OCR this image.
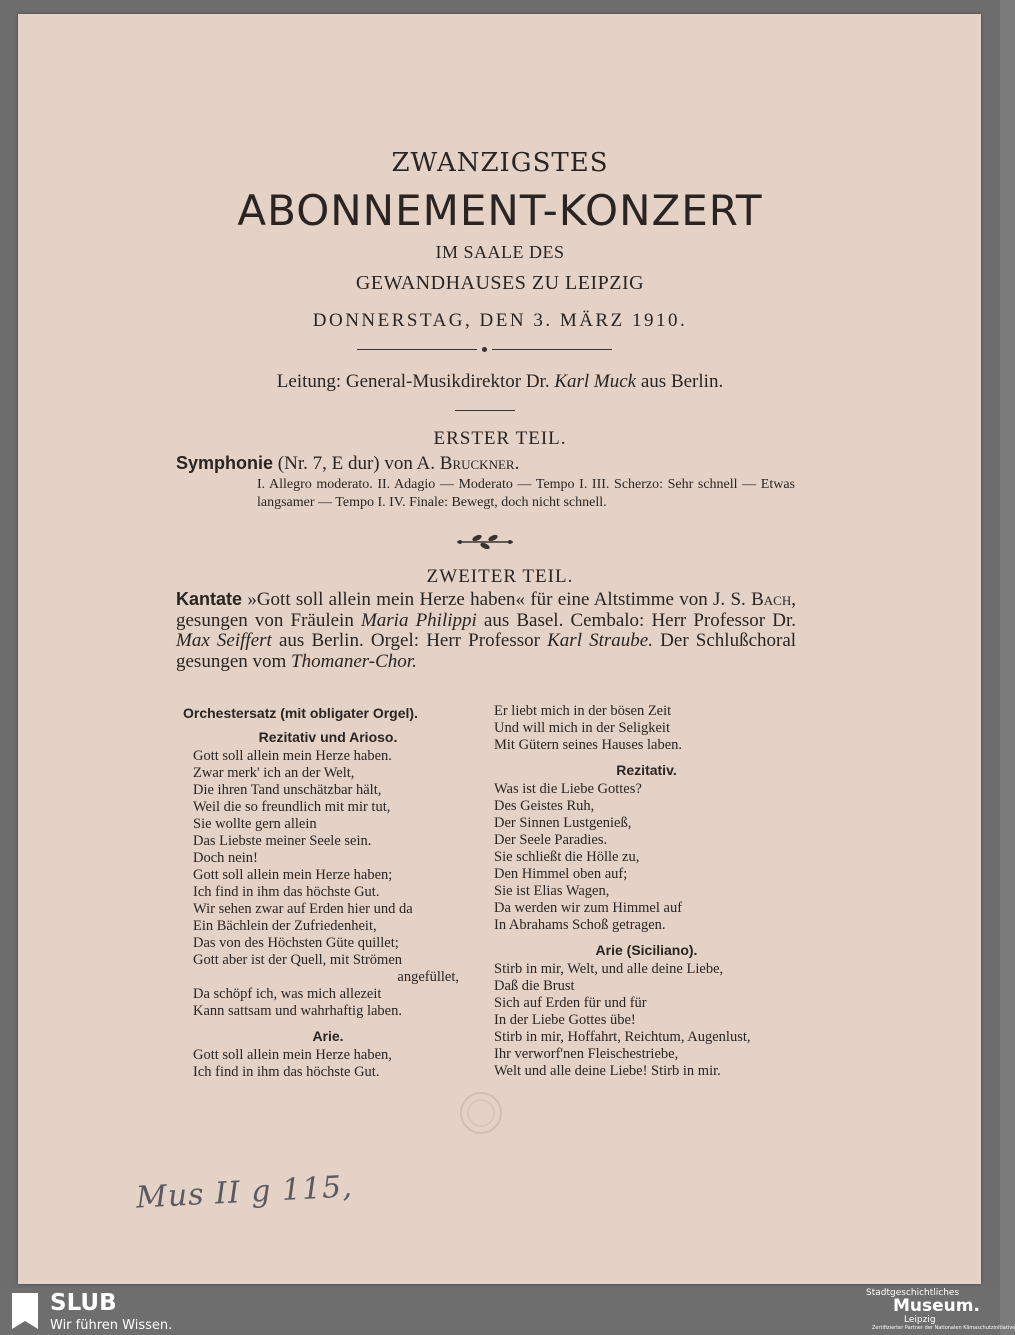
ZWANZIGSTES
ABONNEMENT-KONZERT
IM SAALE DES
GEWANDHAUSES ZU LEIPZIG
DONNERSTAG, DEN 3. MÄRZ 1910.
Leitung: General-Musikdirektor Dr. Karl Muck aus Berlin.
ERSTER TEIL.
Symphonie (Nr. 7, E dur) von A. Bruckner.
I. Allegro moderato. II. Adagio — Moderato — Tempo I. III. Scherzo: Sehr schnell — Etwas langsamer — Tempo I. IV. Finale: Bewegt, doch nicht schnell.
ZWEITER TEIL.
Kantate »Gott soll allein mein Herze haben« für eine Altstimme von J. S. Bach, gesungen von Fräulein Maria Philippi aus Basel. Cembalo: Herr Professor Dr. Max Seiffert aus Berlin. Orgel: Herr Professor Karl Straube. Der Schlußchoral gesungen vom Thomaner-Chor.
Orchestersatz (mit obligater Orgel).
Rezitativ und Arioso.
Gott soll allein mein Herze haben.
Zwar merk' ich an der Welt,
Die ihren Tand unschätzbar hält,
Weil die so freundlich mit mir tut,
Sie wollte gern allein
Das Liebste meiner Seele sein.
Doch nein!
Gott soll allein mein Herze haben;
Ich find in ihm das höchste Gut.
Wir sehen zwar auf Erden hier und da
Ein Bächlein der Zufriedenheit,
Das von des Höchsten Güte quillet;
Gott aber ist der Quell, mit Strömen
angefüllet,
Da schöpf ich, was mich allezeit
Kann sattsam und wahrhaftig laben.
Arie.
Gott soll allein mein Herze haben,
Ich find in ihm das höchste Gut.
Er liebt mich in der bösen Zeit
Und will mich in der Seligkeit
Mit Gütern seines Hauses laben.
Rezitativ.
Was ist die Liebe Gottes?
Des Geistes Ruh,
Der Sinnen Lustgenieß,
Der Seele Paradies.
Sie schließt die Hölle zu,
Den Himmel oben auf;
Sie ist Elias Wagen,
Da werden wir zum Himmel auf
In Abrahams Schoß getragen.
Arie (Siciliano).
Stirb in mir, Welt, und alle deine Liebe,
Daß die Brust
Sich auf Erden für und für
In der Liebe Gottes übe!
Stirb in mir, Hoffahrt, Reichtum, Augenlust,
Ihr verworf'nen Fleischestriebe,
Welt und alle deine Liebe! Stirb in mir.
Mus II g 115,
SLUB
Wir führen Wissen.
Stadtgeschichtliches
Museum.
Leipzig
Zertifizierter Partner der Nationalen Klimaschutzinitiative
